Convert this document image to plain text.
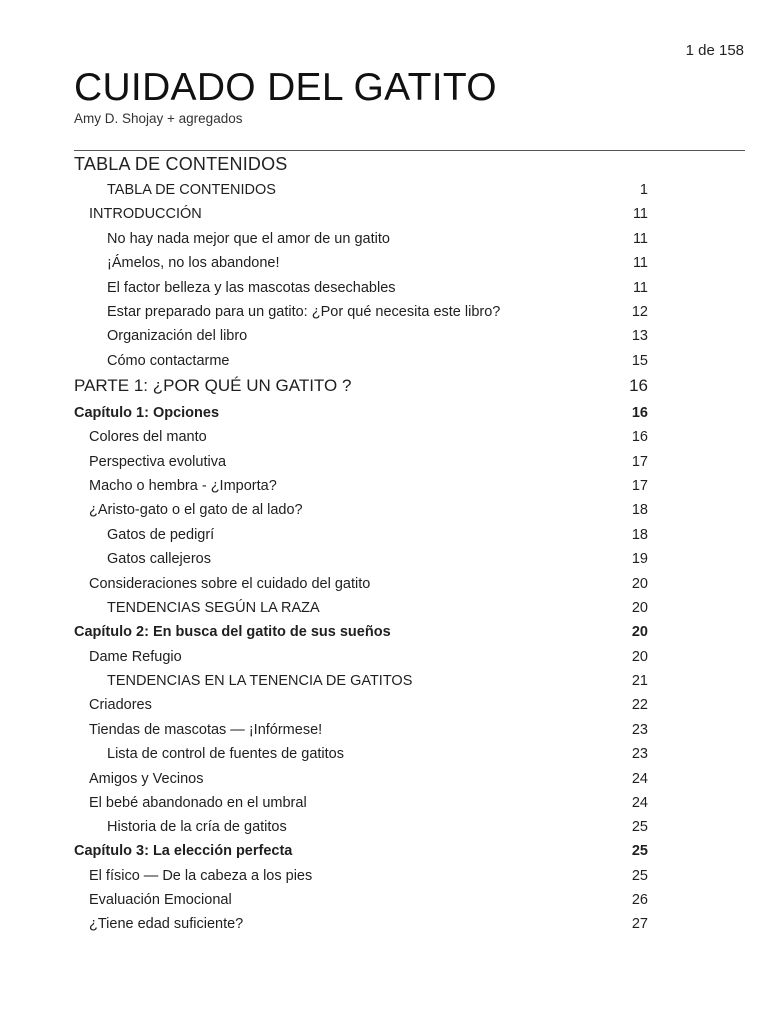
1 de 158
CUIDADO DEL GATITO
Amy D. Shojay + agregados
TABLA DE CONTENIDOS
TABLA DE CONTENIDOS	1
INTRODUCCIÓN	11
No hay nada mejor que el amor de un gatito	11
¡Ámelos, no los abandone!	11
El factor belleza y las mascotas desechables	11
Estar preparado para un gatito: ¿Por qué necesita este libro?	12
Organización del libro	13
Cómo contactarme	15
PARTE 1: ¿POR QUÉ UN GATITO ?	16
Capítulo 1: Opciones	16
Colores del manto	16
Perspectiva evolutiva	17
Macho o hembra - ¿Importa?	17
¿Aristo-gato o el gato de al lado?	18
Gatos de pedigrí	18
Gatos callejeros	19
Consideraciones sobre el cuidado del gatito	20
TENDENCIAS SEGÚN LA RAZA	20
Capítulo 2: En busca del gatito de sus sueños	20
Dame Refugio	20
TENDENCIAS EN LA TENENCIA DE GATITOS	21
Criadores	22
Tiendas de mascotas — ¡Infórmese!	23
Lista de control de fuentes de gatitos	23
Amigos y Vecinos	24
El bebé abandonado en el umbral	24
Historia de la cría de gatitos	25
Capítulo 3: La elección perfecta	25
El físico — De la cabeza a los pies	25
Evaluación Emocional	26
¿Tiene edad suficiente?	27
